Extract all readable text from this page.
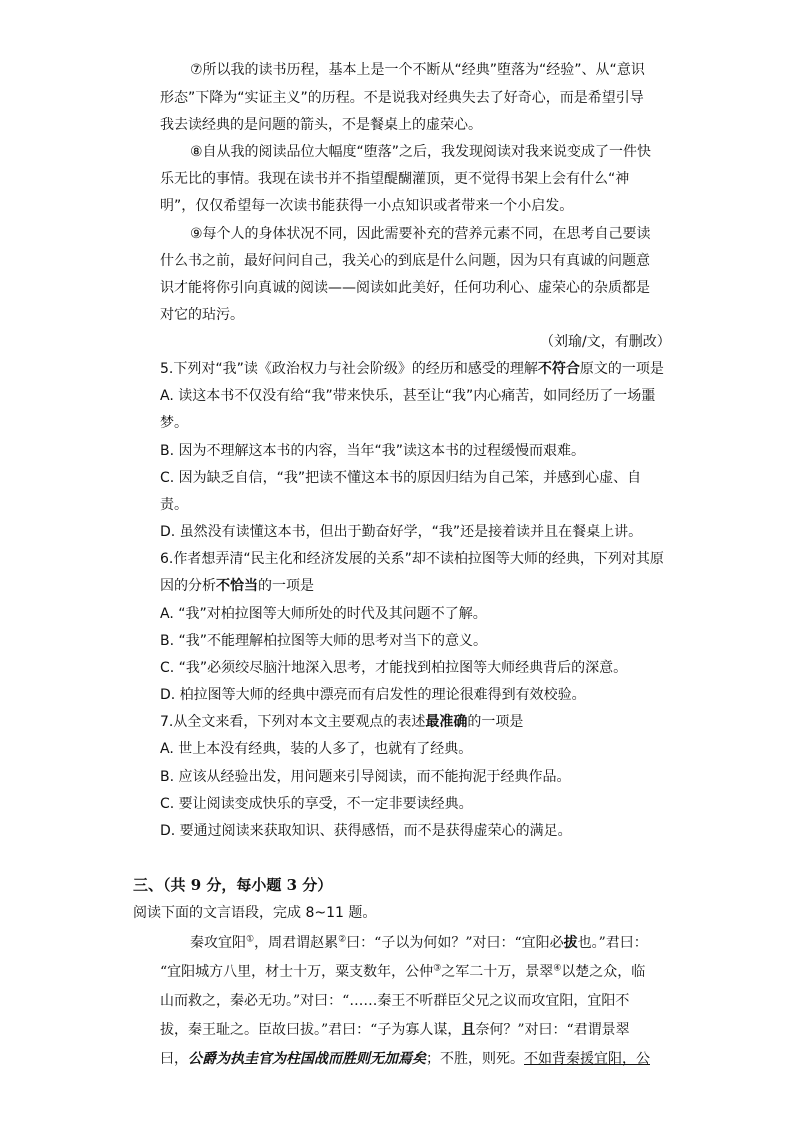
⑦所以我的读书历程，基本上是一个不断从“经典”堕落为“经验”、从“意识
形态”下降为“实证主义”的历程。不是说我对经典失去了好奇心，而是希望引导
我去读经典的是问题的箭头，不是餐桌上的虚荣心。
⑧自从我的阅读品位大幅度“堕落”之后，我发现阅读对我来说变成了一件快
乐无比的事情。我现在读书并不指望醍醐灌顶，更不觉得书架上会有什么“神
明”，仅仅希望每一次读书能获得一小点知识或者带来一个小启发。
⑨每个人的身体状况不同，因此需要补充的营养元素不同，在思考自己要读
什么书之前，最好问问自己，我关心的到底是什么问题，因为只有真诚的问题意
识才能将你引向真诚的阅读——阅读如此美好，任何功利心、虚荣心的杂质都是
对它的玷污。
（刘瑜/文，有删改）
5.下列对“我”读《政治权力与社会阶级》的经历和感受的理解不符合原文的一项是
A. 读这本书不仅没有给“我”带来快乐，甚至让“我”内心痛苦，如同经历了一场噩
梦。
B. 因为不理解这本书的内容，当年“我”读这本书的过程缓慢而艰难。
C. 因为缺乏自信，“我”把读不懂这本书的原因归结为自己笨，并感到心虚、自
责。
D. 虽然没有读懂这本书，但出于勤奋好学，“我”还是接着读并且在餐桌上讲。
6.作者想弄清“民主化和经济发展的关系”却不读柏拉图等大师的经典，下列对其原
因的分析不恰当的一项是
A. “我”对柏拉图等大师所处的时代及其问题不了解。
B. “我”不能理解柏拉图等大师的思考对当下的意义。
C. “我”必须绞尽脑汁地深入思考，才能找到柏拉图等大师经典背后的深意。
D. 柏拉图等大师的经典中漂亮而有启发性的理论很难得到有效校验。
7.从全文来看，下列对本文主要观点的表述最准确的一项是
A. 世上本没有经典，装的人多了，也就有了经典。
B. 应该从经验出发，用问题来引导阅读，而不能拘泥于经典作品。
C. 要让阅读变成快乐的享受，不一定非要读经典。
D. 要通过阅读来获取知识、获得感悟，而不是获得虚荣心的满足。
三、（共 9 分，每小题 3 分）
阅读下面的文言语段，完成 8~11 题。
秦攻宜阳①，周君谓赵累②曰：“子以为何如？”对曰：“宜阳必拔也。”君曰：
“宜阳城方八里，材士十万，粟支数年，公仲③之军二十万，景翠④以楚之众，临
山而救之，秦必无功。”对曰：“……秦王不听群臣父兄之议而攻宜阳，宜阳不
拔，秦王耻之。臣故曰拔。”君曰：“子为寡人谋，且奈何？”对曰：“君谓景翠
曰，公爵为执圭官为柱国战而胜则无加焉矣；不胜，则死。不如背秦援宜阳，公
